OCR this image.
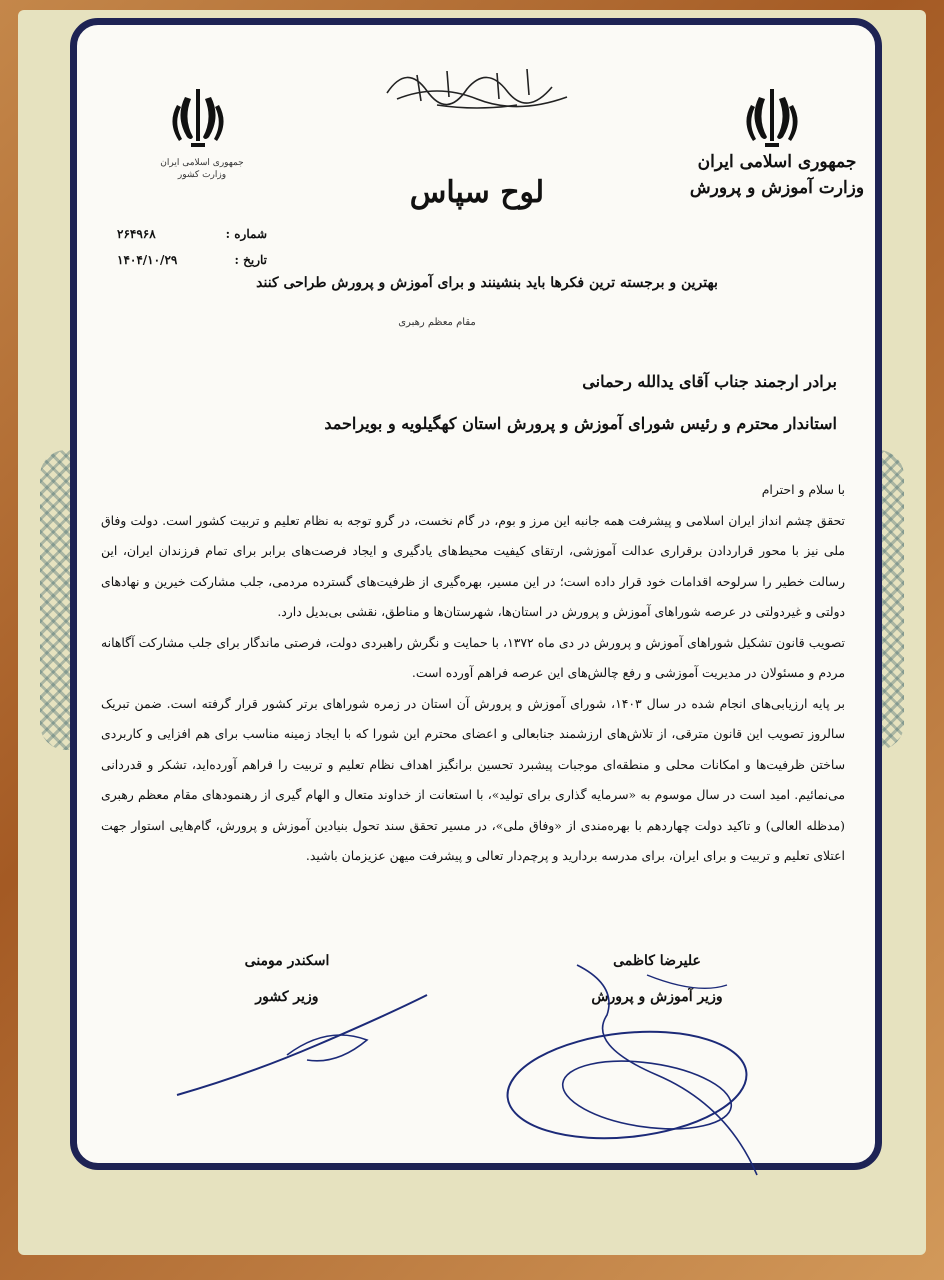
جمهوری اسلامی ایران
وزارت کشور
جمهوری اسلامی ایران
وزارت آموزش و پرورش
لوح سپاس
شماره :
۲۶۴۹۶۸
تاریخ :
۱۴۰۴/۱۰/۲۹
بهترین و برجسته ترین فکرها باید بنشینند و برای آموزش و پرورش طراحی کنند
مقام معظم رهبری
برادر ارجمند جناب آقای یدالله رحمانی
استاندار محترم و رئیس شورای آموزش و پرورش استان کهگیلویه و بویراحمد

با سلام و احترام

تحقق چشم انداز ایران اسلامی و پیشرفت همه جانبه این مرز و بوم، در گام نخست، در گرو توجه به نظام تعلیم و تربیت کشور است. دولت وفاق ملی نیز با محور قراردادن برقراری عدالت آموزشی، ارتقای کیفیت محیط‌های یادگیری و ایجاد فرصت‌های برابر برای تمام فرزندان ایران، این رسالت خطیر را سرلوحه اقدامات خود قرار داده است؛ در این مسیر، بهره‌گیری از ظرفیت‌های گسترده مردمی، جلب مشارکت خیرین و نهادهای دولتی و غیردولتی در عرصه شوراهای آموزش و پرورش در استان‌ها، شهرستان‌ها و مناطق، نقشی بی‌بدیل دارد.

تصویب قانون تشکیل شوراهای آموزش و پرورش در دی ماه ۱۳۷۲، با حمایت و نگرش راهبردی دولت، فرصتی ماندگار برای جلب مشارکت آگاهانه مردم و مسئولان در مدیریت آموزشی و رفع چالش‌های این عرصه فراهم آورده است.

بر پایه ارزیابی‌های انجام شده در سال ۱۴۰۳، شورای آموزش و پرورش آن استان در زمره شوراهای برتر کشور قرار گرفته است. ضمن تبریک سالروز تصویب این قانون مترقی، از تلاش‌های ارزشمند جنابعالی و اعضای محترم این شورا که با ایجاد زمینه مناسب برای هم افزایی و کاربردی ساختن ظرفیت‌ها و امکانات محلی و منطقه‌ای موجبات پیشبرد تحسین برانگیز اهداف نظام تعلیم و تربیت را فراهم آورده‌اید، تشکر و قدردانی می‌نمائیم. امید است در سال موسوم به «سرمایه گذاری برای تولید»، با استعانت از خداوند متعال و الهام گیری از رهنمودهای مقام معظم رهبری (مدظله العالی) و تاکید دولت چهاردهم با بهره‌مندی از «وفاق ملی»، در مسیر تحقق سند تحول بنیادین آموزش و پرورش، گام‌هایی استوار جهت اعتلای تعلیم و تربیت و برای ایران، برای مدرسه بردارید و پرچم‌دار تعالی و پیشرفت میهن عزیزمان باشید.

اسکندر مومنی
وزیر کشور
علیرضا کاظمی
وزیر آموزش و پرورش
